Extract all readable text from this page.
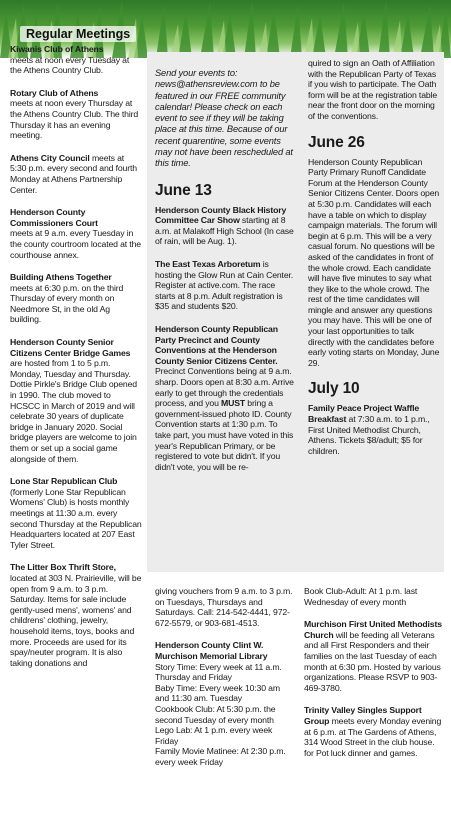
Regular Meetings

Kiwanis Club of Athens
meets at noon every Tuesday at the Athens Country Club.

Rotary Club of Athens
meets at noon every Thursday at the Athens Country Club. The third Thursday it has an evening meeting.

Athens City Council meets at 5:30 p.m. every second and fourth Monday at Athens Partnership Center.

Henderson County Commissioners Court
meets at 9 a.m. every Tuesday in the county courtroom located at the courthouse annex.

Building Athens Together
meets at 6:30 p.m. on the third Thursday of every month on Needmore St, in the old Ag building.

Henderson County Senior Citizens Center Bridge Games are hosted from 1 to 5 p.m. Monday, Tuesday and Thursday. Dottie Pirkle's Bridge Club opened in 1990. The club moved to HCSCC in March of 2019 and will celebrate 30 years of duplicate bridge in January 2020. Social bridge players are welcome to join them or set up a social game alongside of them.

Lone Star Republican Club
(formerly Lone Star Republican Womens' Club) is hosts monthly meetings at 11:30 a.m. every second Thursday at the Republican Headquarters located at 207 East Tyler Street.

The Litter Box Thrift Store, located at 303 N. Prairieville, will be open from 9 a.m. to 3 p.m. Saturday. Items for sale include gently-used mens', womens' and childrens' clothing, jewelry, household items, toys, books and more. Proceeds are used for its spay/neuter program. It is also taking donations and

Send your events to: news@athensreview.com to be featured in our FREE community calendar! Please check on each event to see if they will be taking place at this time. Because of our recent quarentine, some events may not have been rescheduled at this time.

June 13

Henderson County Black History Committee Car Show starting at 8 a.m. at Malakoff High School (In case of rain, will be Aug. 1).

The East Texas Arboretum is hosting the Glow Run at Cain Center. Register at active.com. The race starts at 8 p.m. Adult registration is $35 and students $20.

Henderson County Republican Party Precinct and County Conventions at the Henderson County Senior Citizens Center. Precinct Conventions being at 9 a.m. sharp. Doors open at 8:30 a.m. Arrive early to get through the credentials process, and you MUST bring a government-issued photo ID. County Convention starts at 1:30 p.m. To take part, you must have voted in this year's Republican Primary, or be registered to vote but didn't. If you didn't vote, you will be re-

quired to sign an Oath of Affiliation with the Republican Party of Texas if you wish to participate. The Oath form will be at the registration table near the front door on the morning of the conventions.

June 26

Henderson County Republican Party Primary Runoff Candidate Forum at the Henderson County Senior Citizens Center. Doors open at 5:30 p.m. Candidates will each have a table on which to display campaign materials. The forum will begin at 6 p.m. This will be a very casual forum. No questions will be asked of the candidates in front of the whole crowd. Each candidate will have five minutes to say what they like to the whole crowd. The rest of the time candidates will mingle and answer any questions you may have. This will be one of your last opportunities to talk directly with the candidates before early voting starts on Monday, June 29.

July 10

Family Peace Project Waffle Breakfast at 7:30 a.m. to 1 p.m., First United Methodist Church, Athens. Tickets $8/adult; $5 for children.

giving vouchers from 9 a.m. to 3 p.m. on Tuesdays, Thursdays and Saturdays. Call: 214-542-4441, 972-672-5579, or 903-681-4513.

Henderson County Clint W. Murchison Memorial Library

Story Time: Every week at 11 a.m. Thursday and Friday
Baby Time: Every week 10:30 am and 11:30 am. Tuesday
Cookbook Club: At 5:30 p.m. the second Tuesday of every month
Lego Lab: At 1 p.m. every week Friday
Family Movie Matinee: At 2:30 p.m. every week Friday

Book Club-Adult: At 1 p.m. last Wednesday of every month

Murchison First United Methodists Church will be feeding all Veterans and all First Responders and their families on the last Tuesday of each month at 6:30 pm. Hosted by various organizations. Please RSVP to 903-469-3780.

Trinity Valley Singles Support Group meets every Monday evening at 6 p.m. at The Gardens of Athens, 314 Wood Street in the club house. for Pot luck dinner and games.
